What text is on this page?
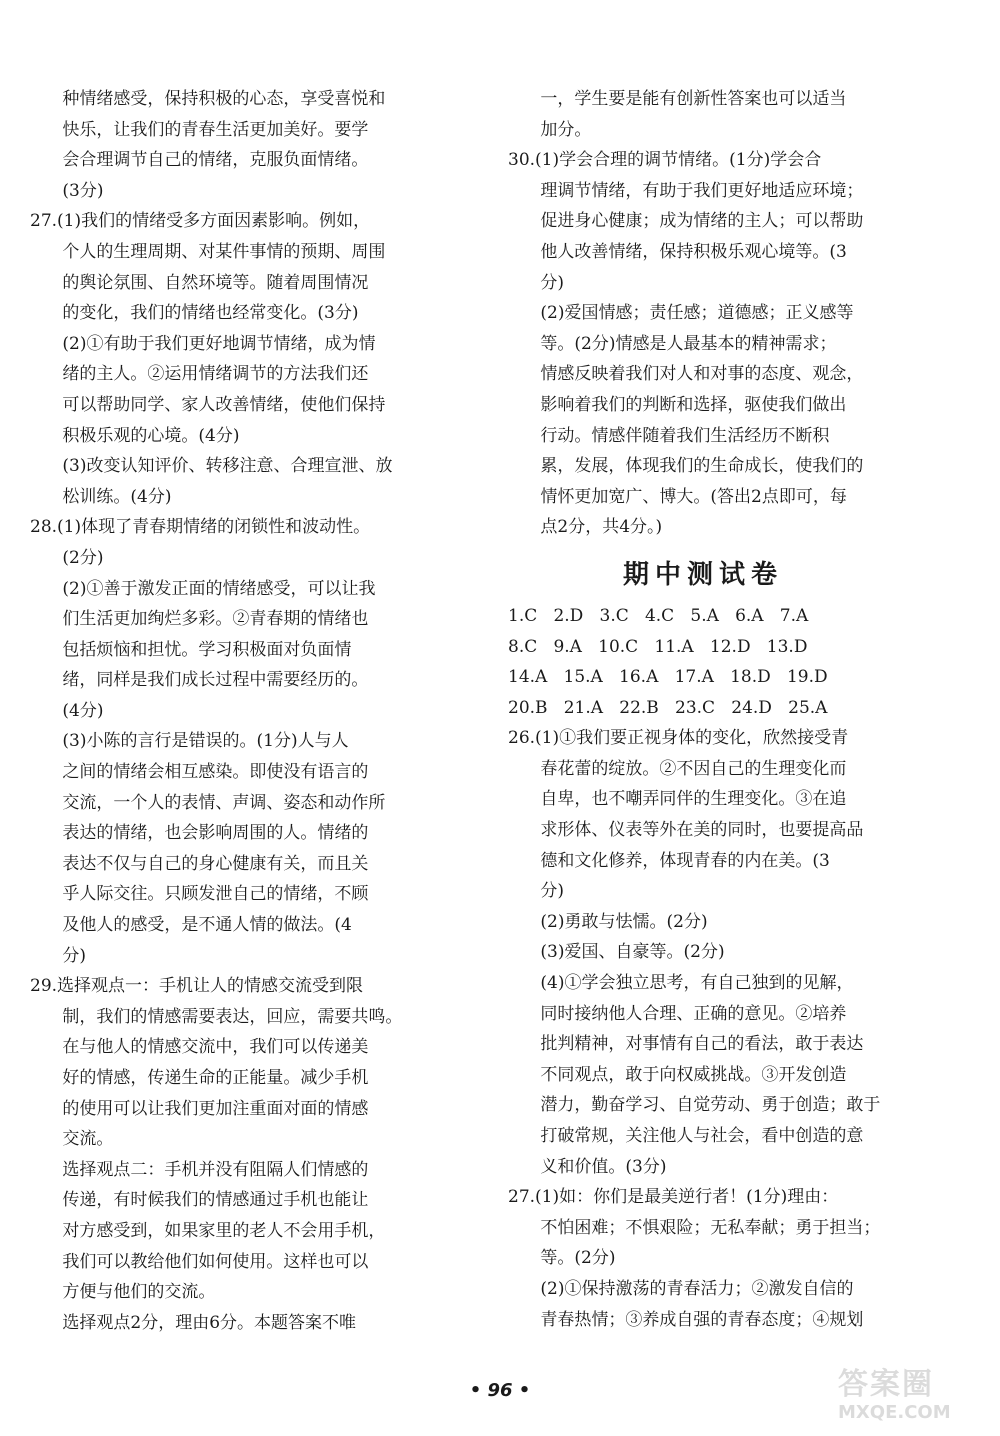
种情绪感受，保持积极的心态，享受喜悦和
快乐，让我们的青春生活更加美好。要学
会合理调节自己的情绪，克服负面情绪。
(3分)
27.(1)我们的情绪受多方面因素影响。例如，
个人的生理周期、对某件事情的预期、周围
的舆论氛围、自然环境等。随着周围情况
的变化，我们的情绪也经常变化。(3分)
(2)①有助于我们更好地调节情绪，成为情
绪的主人。②运用情绪调节的方法我们还
可以帮助同学、家人改善情绪，使他们保持
积极乐观的心境。(4分)
(3)改变认知评价、转移注意、合理宣泄、放
松训练。(4分)
28.(1)体现了青春期情绪的闭锁性和波动性。
(2分)
(2)①善于激发正面的情绪感受，可以让我
们生活更加绚烂多彩。②青春期的情绪也
包括烦恼和担忧。学习积极面对负面情
绪，同样是我们成长过程中需要经历的。
(4分)
(3)小陈的言行是错误的。(1分)人与人
之间的情绪会相互感染。即使没有语言的
交流，一个人的表情、声调、姿态和动作所
表达的情绪，也会影响周围的人。情绪的
表达不仅与自己的身心健康有关，而且关
乎人际交往。只顾发泄自己的情绪，不顾
及他人的感受，是不通人情的做法。(4
分)
29.选择观点一：手机让人的情感交流受到限
制，我们的情感需要表达，回应，需要共鸣。
在与他人的情感交流中，我们可以传递美
好的情感，传递生命的正能量。减少手机
的使用可以让我们更加注重面对面的情感
交流。
选择观点二：手机并没有阻隔人们情感的
传递，有时候我们的情感通过手机也能让
对方感受到，如果家里的老人不会用手机，
我们可以教给他们如何使用。这样也可以
方便与他们的交流。
选择观点2分，理由6分。本题答案不唯
一，学生要是能有创新性答案也可以适当
加分。
30.(1)学会合理的调节情绪。(1分)学会合
理调节情绪，有助于我们更好地适应环境；
促进身心健康；成为情绪的主人；可以帮助
他人改善情绪，保持积极乐观心境等。(3
分)
(2)爱国情感；责任感；道德感；正义感等
等。(2分)情感是人最基本的精神需求；
情感反映着我们对人和对事的态度、观念，
影响着我们的判断和选择，驱使我们做出
行动。情感伴随着我们生活经历不断积
累，发展，体现我们的生命成长，使我们的
情怀更加宽广、博大。(答出2点即可，每
点2分，共4分。)
期中测试卷
1.C   2.D   3.C   4.C   5.A   6.A   7.A
8.C   9.A   10.C   11.A   12.D   13.D
14.A   15.A   16.A   17.A   18.D   19.D
20.B   21.A   22.B   23.C   24.D   25.A
26.(1)①我们要正视身体的变化，欣然接受青
春花蕾的绽放。②不因自己的生理变化而
自卑，也不嘲弄同伴的生理变化。③在追
求形体、仪表等外在美的同时，也要提高品
德和文化修养，体现青春的内在美。(3
分)
(2)勇敢与怯懦。(2分)
(3)爱国、自豪等。(2分)
(4)①学会独立思考，有自己独到的见解，
同时接纳他人合理、正确的意见。②培养
批判精神，对事情有自己的看法，敢于表达
不同观点，敢于向权威挑战。③开发创造
潜力，勤奋学习、自觉劳动、勇于创造；敢于
打破常规，关注他人与社会，看中创造的意
义和价值。(3分)
27.(1)如：你们是最美逆行者！(1分)理由：
不怕困难；不惧艰险；无私奉献；勇于担当；
等。(2分)
(2)①保持激荡的青春活力；②激发自信的
青春热情；③养成自强的青春态度；④规划
• 96 •	答案圈
MXQE.COM
